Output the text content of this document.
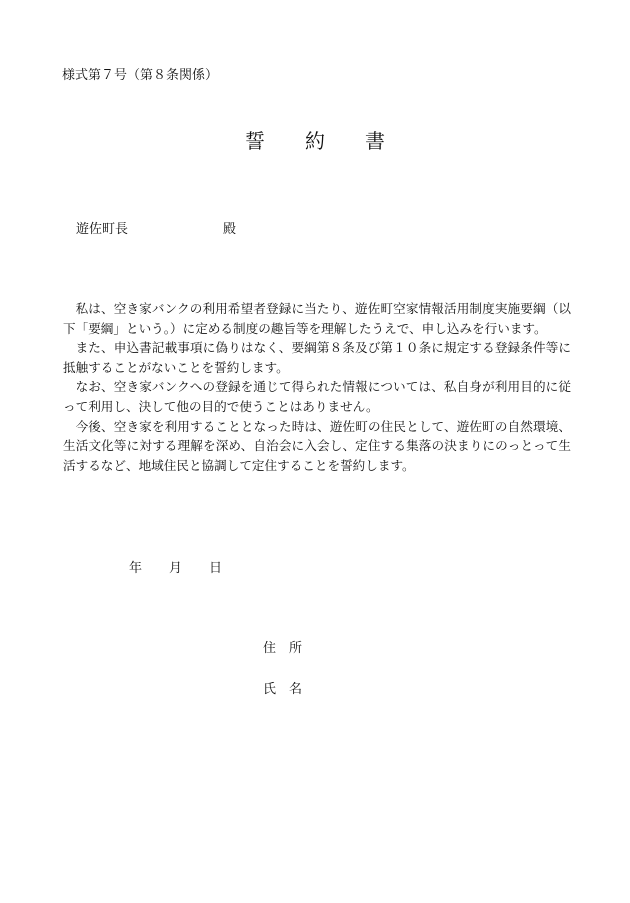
様式第７号（第８条関係）
誓 約 書
遊佐町長	殿

私は、空き家バンクの利用希望者登録に当たり、遊佐町空家情報活用制度実施要綱（以下「要綱」という。）に定める制度の趣旨等を理解したうえで、申し込みを行います。

また、申込書記載事項に偽りはなく、要綱第８条及び第１０条に規定する登録条件等に抵触することがないことを誓約します。

なお、空き家バンクへの登録を通じて得られた情報については、私自身が利用目的に従って利用し、決して他の目的で使うことはありません。

今後、空き家を利用することとなった時は、遊佐町の住民として、遊佐町の自然環境、生活文化等に対する理解を深め、自治会に入会し、定住する集落の決まりにのっとって生活するなど、地域住民と協調して定住することを誓約します。

年 月 日
住　所
氏　名
